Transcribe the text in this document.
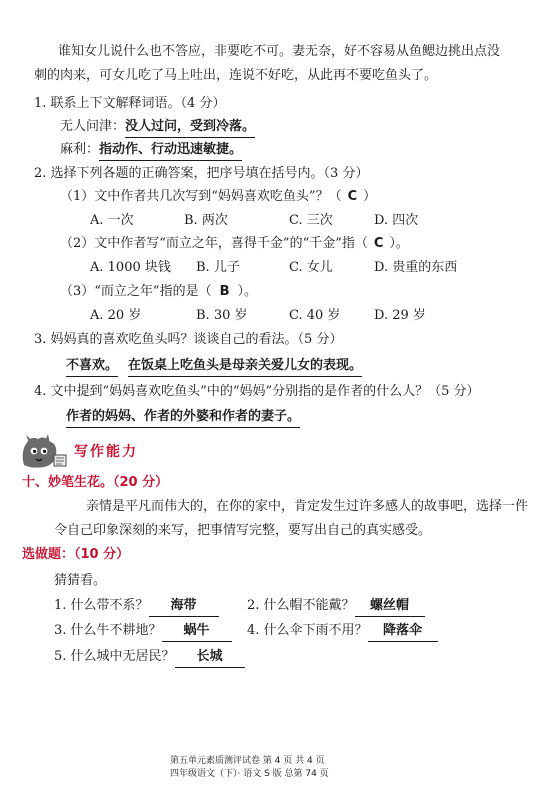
谁知女儿说什么也不答应，非要吃不可。妻无奈，好不容易从鱼鳃边挑出点没
刺的肉来，可女儿吃了马上吐出，连说不好吃，从此再不要吃鱼头了。
1. 联系上下文解释词语。（4 分）
无人问津：没人过问，受到冷落。
麻利：指动作、行动迅速敏捷。
2. 选择下列各题的正确答案，把序号填在括号内。（3 分）
（1）文中作者共几次写到“妈妈喜欢吃鱼头”？（ C ）
A. 一次	B. 两次	C. 三次	D. 四次
（2）文中作者写“而立之年，喜得千金”的“千金”指（ C ）。
A. 1000 块钱 B. 儿子	C. 女儿	D. 贵重的东西
（3）“而立之年”指的是（ B ）。
A. 20 岁	B. 30 岁	C. 40 岁	D. 29 岁
3. 妈妈真的喜欢吃鱼头吗？谈谈自己的看法。（5 分）
不喜欢。 在饭桌上吃鱼头是母亲关爱儿女的表现。
4. 文中提到“妈妈喜欢吃鱼头”中的“妈妈”分别指的是作者的什么人？（5 分）
作者的妈妈、作者的外婆和作者的妻子。
写作能力
十、妙笔生花。（20 分）
亲情是平凡而伟大的，在你的家中，肯定发生过许多感人的故事吧，选择一件
令自己印象深刻的来写，把事情写完整，要写出自己的真实感受。
选做题：（10 分）
猜猜看。
1. 什么带不系？ 海带	2. 什么帽不能戴？ 螺丝帽
3. 什么牛不耕地？ 蜗牛	4. 什么伞下雨不用？ 降落伞
5. 什么城中无居民？ 长城
第五单元素质测评试卷 第 4 页 共 4 页
四年级语文（下）· 语文 S 版 总第 74 页
